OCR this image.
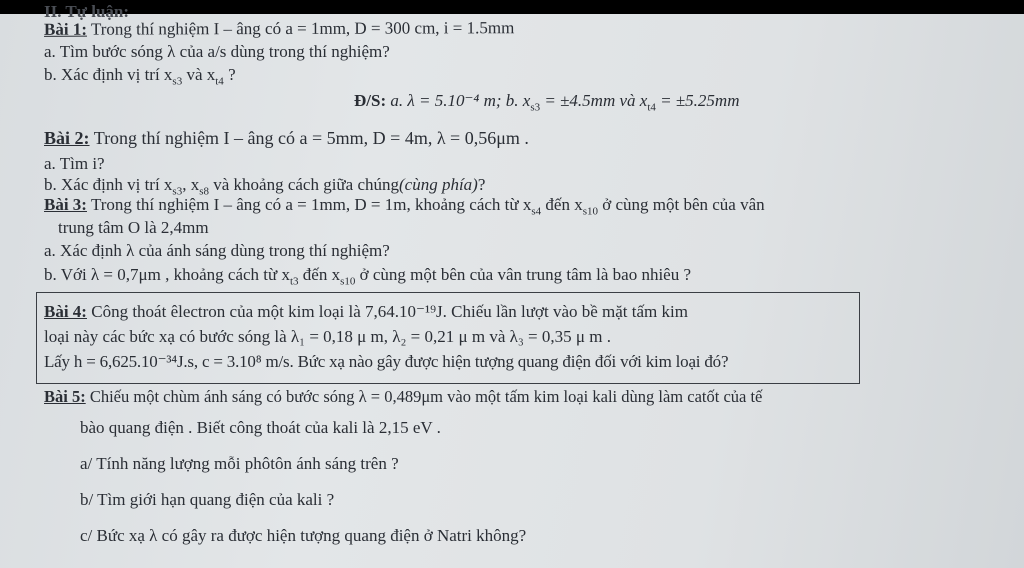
II. Tự luận:
Bài 1: Trong thí nghiệm I – âng có a = 1mm, D = 300 cm, i = 1.5mm
a. Tìm bước sóng λ của a/s dùng trong thí nghiệm?
b. Xác định vị trí $x_{s3}$ và $x_{t4}$ ?
Đ/S: a. λ = 5.10⁻⁴ m; b. $x_{s3} = \pm 4.5mm$ và $x_{t4} = \pm 5.25mm$
Bài 2: Trong thí nghiệm I – âng có a = 5mm, D = 4m, λ = 0,56μm .
a. Tìm i?
b. Xác định vị trí $x_{s3}$, $x_{s8}$ và khoảng cách giữa chúng(cùng phía)?
Bài 3: Trong thí nghiệm I – âng có a = 1mm, D = 1m, khoảng cách từ $x_{s4}$ đến $x_{s10}$ ở cùng một bên của vân
trung tâm O là 2,4mm
a. Xác định λ của ánh sáng dùng trong thí nghiệm?
b. Với λ = 0,7μm , khoảng cách từ $x_{t3}$ đến $x_{s10}$ ở cùng một bên của vân trung tâm là bao nhiêu ?
Bài 4: Công thoát êlectron của một kim loại là 7,64.10⁻¹⁹J. Chiếu lần lượt vào bề mặt tấm kim
loại này các bức xạ có bước sóng là λ₁ = 0,18 μ m, λ₂ = 0,21 μ m và λ₃ = 0,35 μ m .
Lấy h = 6,625.10⁻³⁴J.s, c = 3.10⁸ m/s. Bức xạ nào gây được hiện tượng quang điện đối với kim loại đó?
Bài 5: Chiếu một chùm ánh sáng có bước sóng λ = 0,489μm vào một tấm kim loại kali dùng làm catốt của tế
bào quang điện . Biết công thoát của kali là 2,15 eV .
a/ Tính năng lượng mỗi phôtôn ánh sáng trên ?
b/ Tìm giới hạn quang điện của kali ?
c/ Bức xạ λ có gây ra được hiện tượng quang điện ở Natri không?
